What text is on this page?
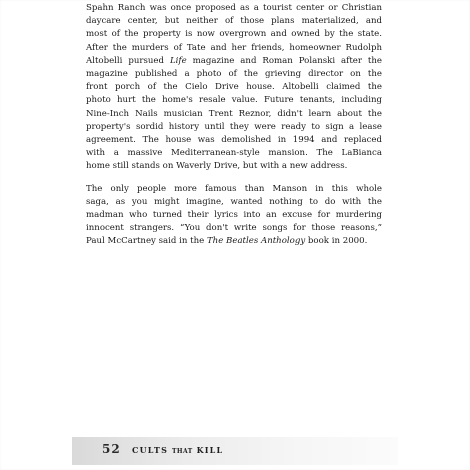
Spahn Ranch was once proposed as a tourist center or Christian
daycare center, but neither of those plans materialized, and
most of the property is now overgrown and owned by the state.
After the murders of Tate and her friends, homeowner Rudolph
Altobelli pursued Life magazine and Roman Polanski after the
magazine published a photo of the grieving director on the
front porch of the Cielo Drive house. Altobelli claimed the
photo hurt the home's resale value. Future tenants, including
Nine-Inch Nails musician Trent Reznor, didn't learn about the
property's sordid history until they were ready to sign a lease
agreement. The house was demolished in 1994 and replaced
with a massive Mediterranean-style mansion. The LaBianca
home still stands on Waverly Drive, but with a new address.
The only people more famous than Manson in this whole
saga, as you might imagine, wanted nothing to do with the
madman who turned their lyrics into an excuse for murdering
innocent strangers. “You don't write songs for those reasons,”
Paul McCartney said in the The Beatles Anthology book in 2000.
52 CULTS THAT KILL
